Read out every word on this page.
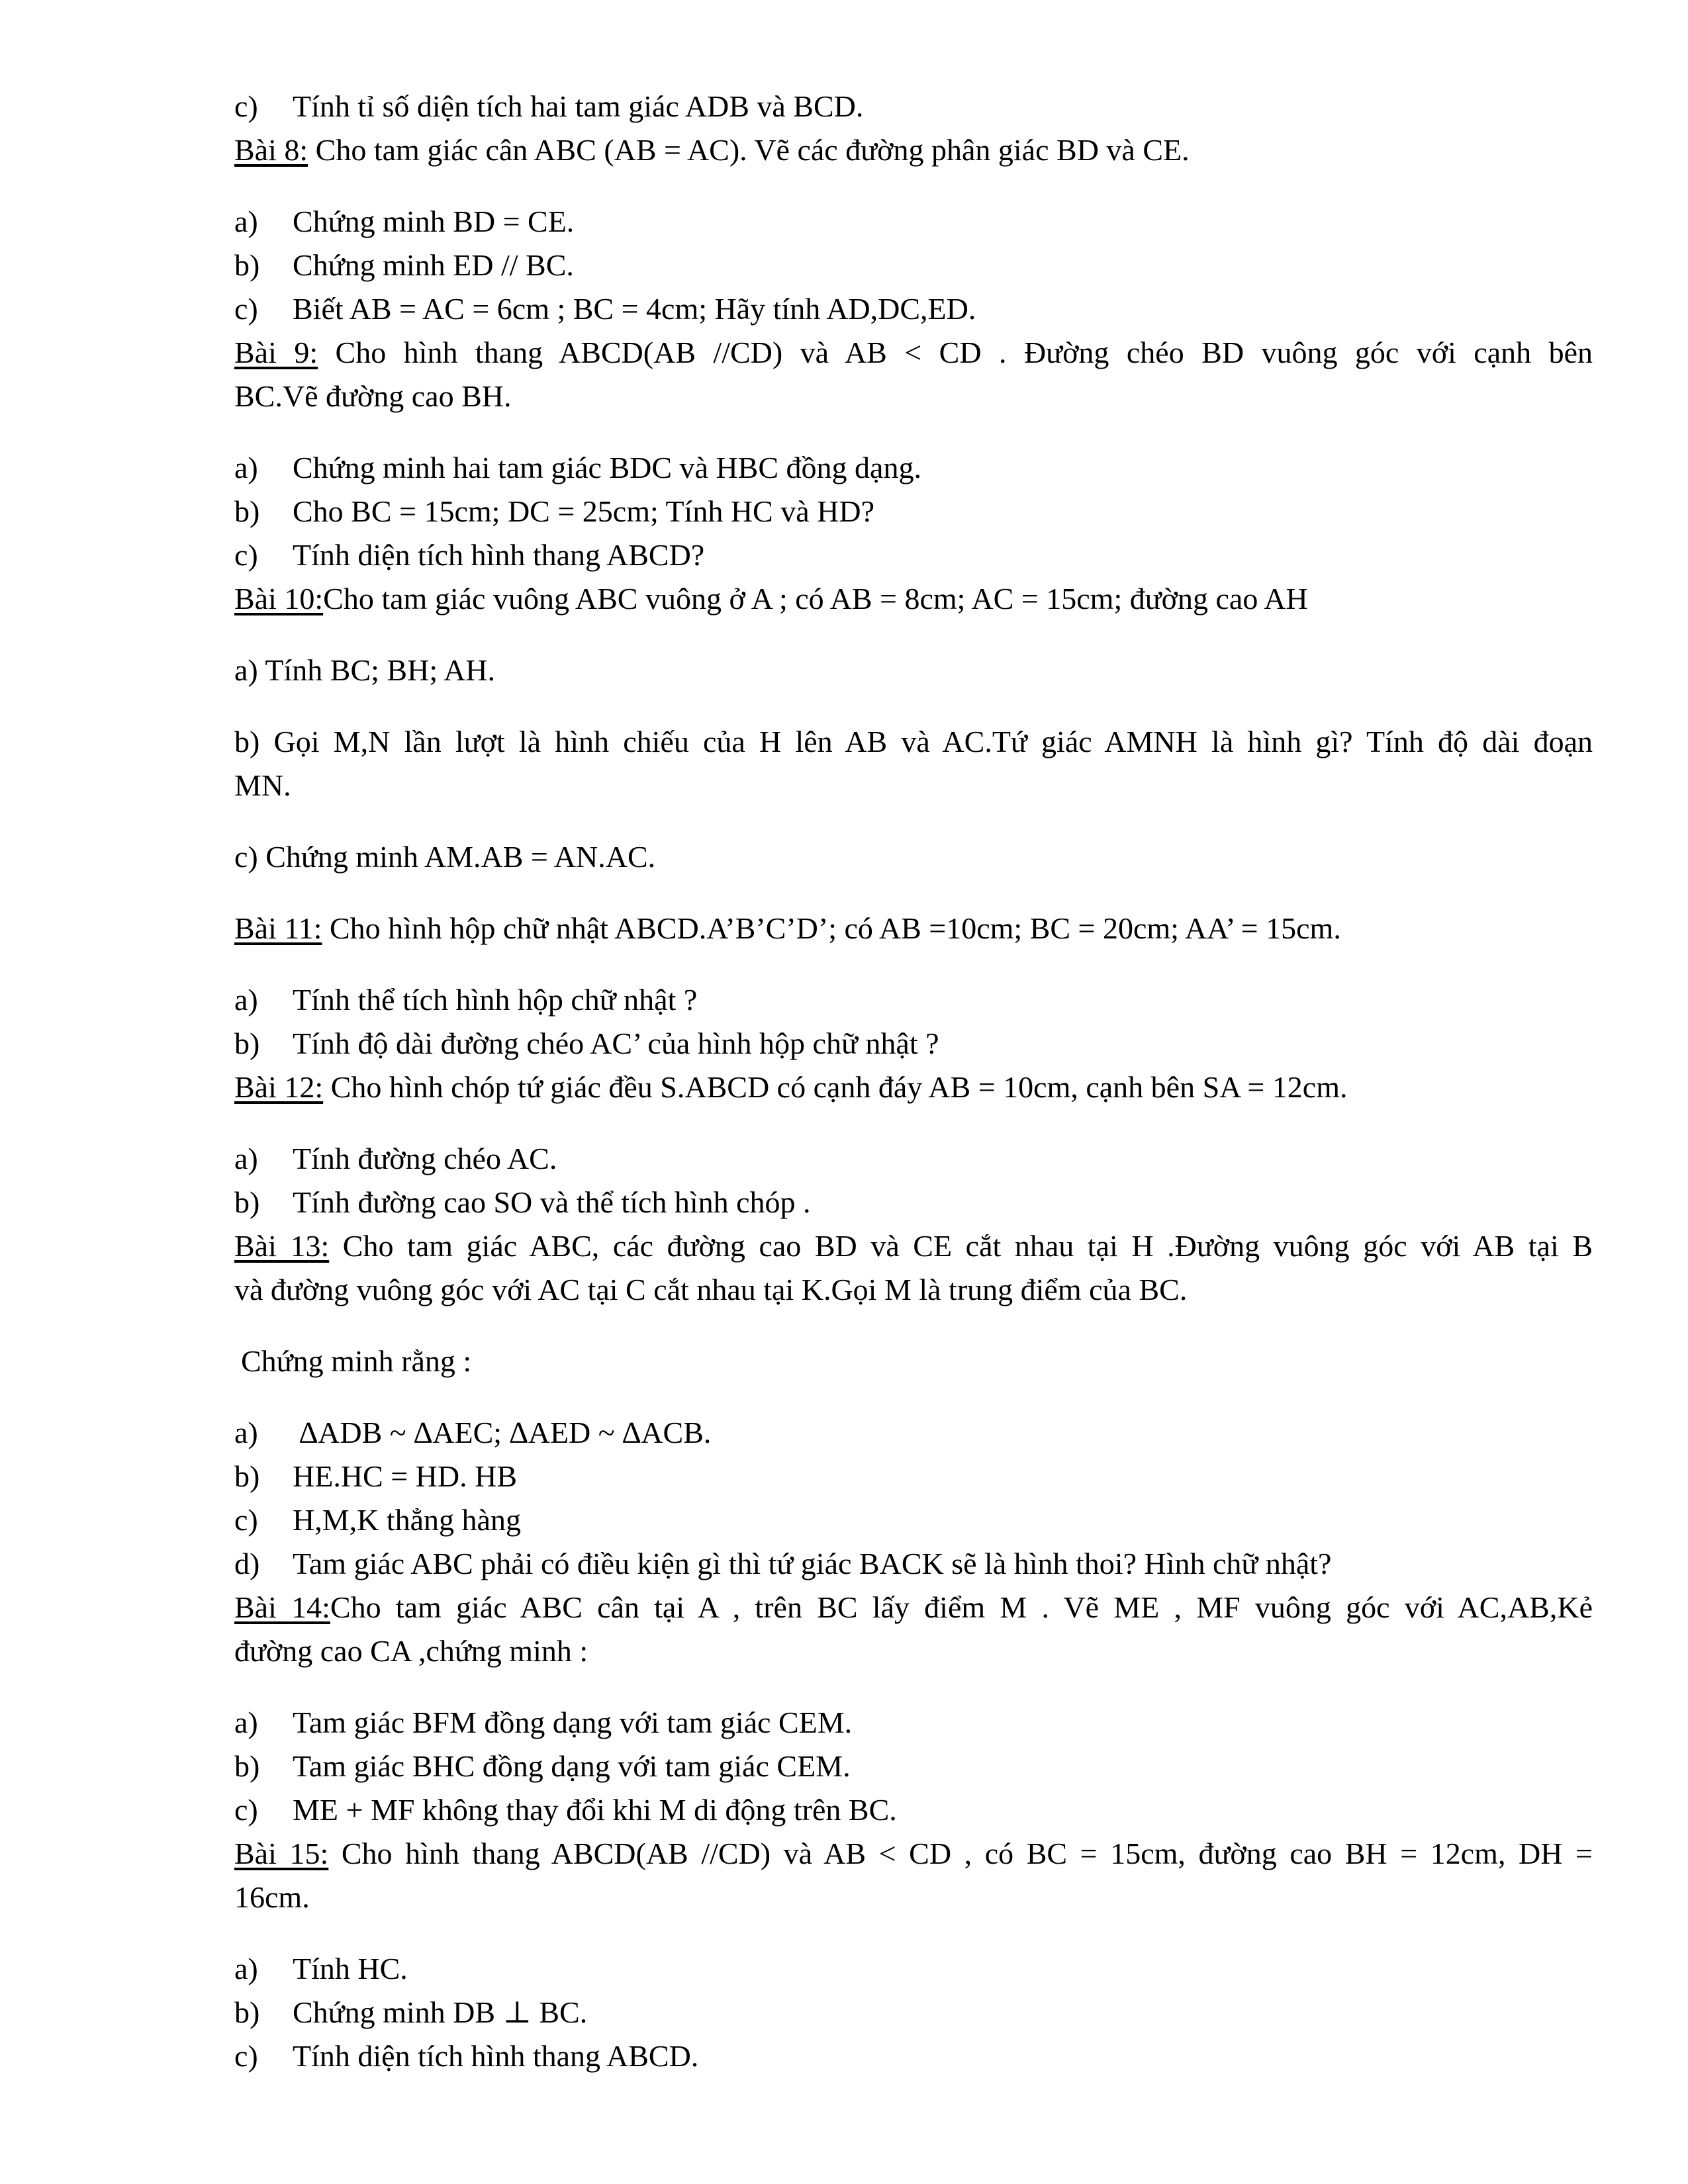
c) Tính tỉ số diện tích hai tam giác ADB và BCD.
Bài 8: Cho tam giác cân ABC (AB = AC). Vẽ các đường phân giác BD và CE.
a) Chứng minh BD = CE.
b) Chứng minh ED // BC.
c) Biết AB = AC = 6cm ; BC = 4cm; Hãy tính AD,DC,ED.
Bài 9: Cho hình thang ABCD(AB //CD) và AB < CD . Đường chéo BD vuông góc với cạnh bên
BC.Vẽ đường cao BH.
a) Chứng minh hai tam giác BDC và HBC đồng dạng.
b) Cho BC = 15cm; DC = 25cm; Tính HC và HD?
c) Tính diện tích hình thang ABCD?
Bài 10:Cho tam giác vuông ABC vuông ở A ; có AB = 8cm; AC = 15cm; đường cao AH
a) Tính BC; BH; AH.
b) Gọi M,N lần lượt là hình chiếu của H lên AB và AC.Tứ giác AMNH là hình gì? Tính độ dài đoạn
MN.
c) Chứng minh AM.AB = AN.AC.
Bài 11: Cho hình hộp chữ nhật ABCD.A’B’C’D’; có AB =10cm; BC = 20cm; AA’ = 15cm.
a) Tính thể tích hình hộp chữ nhật ?
b) Tính độ dài đường chéo AC’ của hình hộp chữ nhật ?
Bài 12: Cho hình chóp tứ giác đều S.ABCD có cạnh đáy AB = 10cm, cạnh bên SA = 12cm.
a) Tính đường chéo AC.
b) Tính đường cao SO và thể tích hình chóp .
Bài 13: Cho tam giác ABC, các đường cao BD và CE cắt nhau tại H .Đường vuông góc với AB tại B
và đường vuông góc với AC tại C cắt nhau tại K.Gọi M là trung điểm của BC.
Chứng minh rằng :
a) ∆ADB ~ ∆AEC; ∆AED ~ ∆ACB.
b) HE.HC = HD. HB
c) H,M,K thẳng hàng
d) Tam giác ABC phải có điều kiện gì thì tứ giác BACK sẽ là hình thoi? Hình chữ nhật?
Bài 14:Cho tam giác ABC cân tại A , trên BC lấy điểm M . Vẽ ME , MF vuông góc với AC,AB,Kẻ
đường cao CA ,chứng minh :
a) Tam giác BFM đồng dạng với tam giác CEM.
b) Tam giác BHC đồng dạng với tam giác CEM.
c) ME + MF không thay đổi khi M di động trên BC.
Bài 15: Cho hình thang ABCD(AB //CD) và AB < CD , có BC = 15cm, đường cao BH = 12cm, DH =
16cm.
a) Tính HC.
b) Chứng minh DB ⊥ BC.
c) Tính diện tích hình thang ABCD.
